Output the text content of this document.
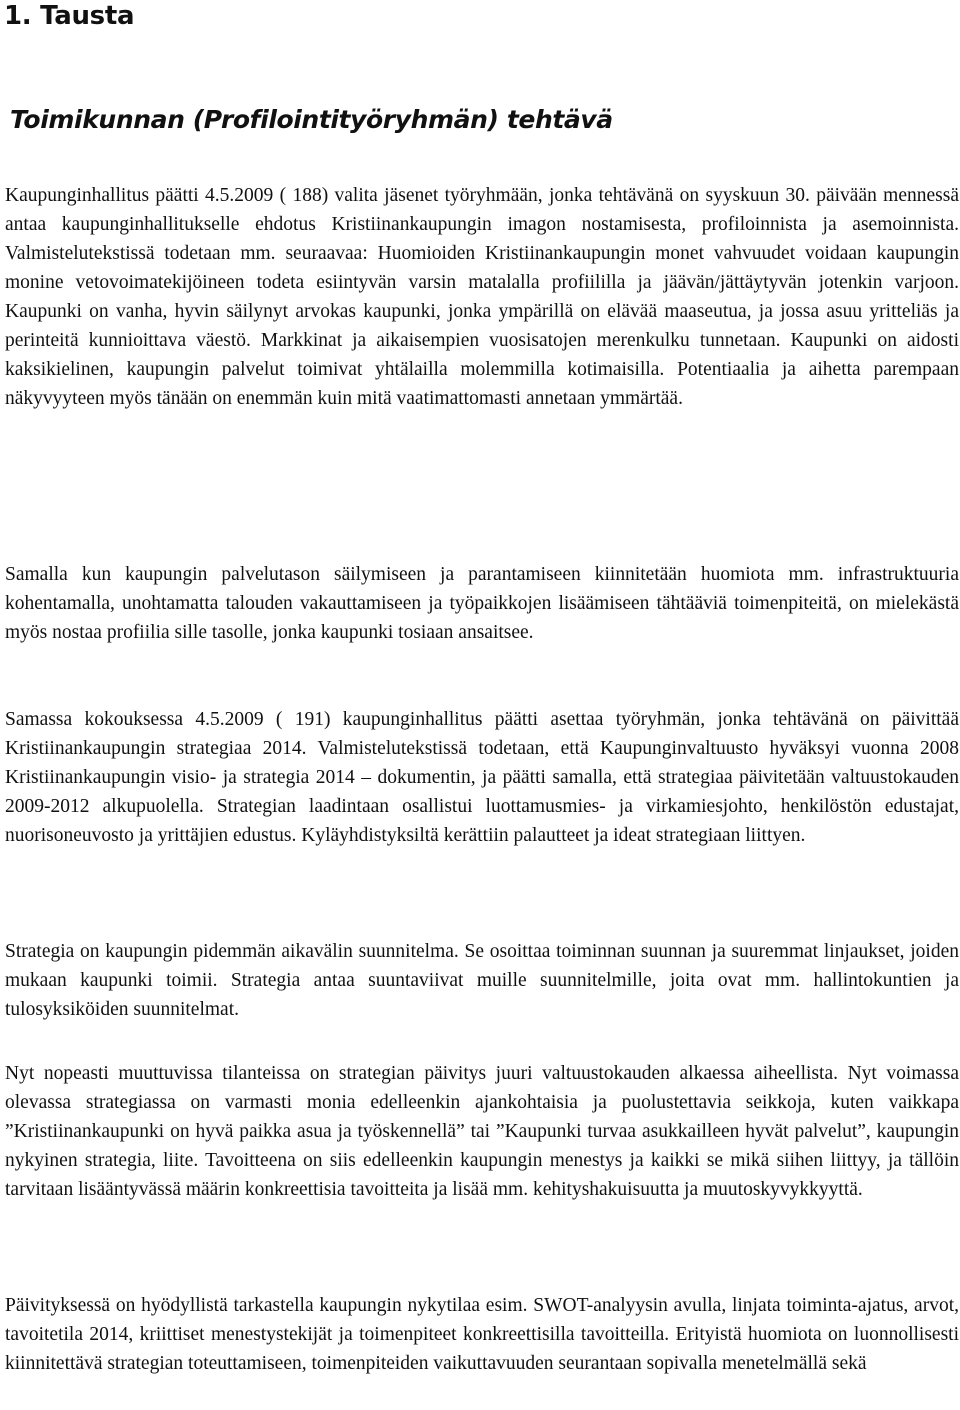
1. Tausta
Toimikunnan (Profilointityöryhmän) tehtävä

Kaupunginhallitus päätti 4.5.2009 ( 188) valita jäsenet työryhmään, jonka tehtävänä on syyskuun 30. päivään mennessä antaa kaupunginhallitukselle ehdotus Kristiinankaupungin imagon nostamisesta, profiloinnista ja asemoinnista. Valmistelutekstissä todetaan mm. seuraavaa: Huomioiden Kristiinankaupungin monet vahvuudet voidaan kaupungin monine vetovoimatekijöineen todeta esiintyvän varsin matalalla profiililla ja jäävän/jättäytyvän jotenkin varjoon. Kaupunki on vanha, hyvin säilynyt arvokas kaupunki, jonka ympärillä on elävää maaseutua, ja jossa asuu yritteliäs ja perinteitä kunnioittava väestö. Markkinat ja aikaisempien vuosisatojen merenkulku tunnetaan. Kaupunki on aidosti kaksikielinen, kaupungin palvelut toimivat yhtälailla molemmilla kotimaisilla. Potentiaalia ja aihetta parempaan näkyvyyteen myös tänään on enemmän kuin mitä vaatimattomasti annetaan ymmärtää.

Samalla kun kaupungin palvelutason säilymiseen ja parantamiseen kiinnitetään huomiota mm. infrastruktuuria kohentamalla, unohtamatta talouden vakauttamiseen ja työpaikkojen lisäämiseen tähtääviä toimenpiteitä, on mielekästä myös nostaa profiilia sille tasolle, jonka kaupunki tosiaan ansaitsee.

Samassa kokouksessa 4.5.2009 ( 191) kaupunginhallitus päätti asettaa työryhmän, jonka tehtävänä on päivittää Kristiinankaupungin strategiaa 2014. Valmistelutekstissä todetaan, että Kaupunginvaltuusto hyväksyi vuonna 2008 Kristiinankaupungin visio- ja strategia 2014 – dokumentin, ja päätti samalla, että strategiaa päivitetään valtuustokauden 2009-2012 alkupuolella. Strategian laadintaan osallistui luottamusmies- ja virkamiesjohto, henkilöstön edustajat, nuorisoneuvosto ja yrittäjien edustus. Kyläyhdistyksiltä kerättiin palautteet ja ideat strategiaan liittyen.

Strategia on kaupungin pidemmän aikavälin suunnitelma. Se osoittaa toiminnan suunnan ja suuremmat linjaukset, joiden mukaan kaupunki toimii. Strategia antaa suuntaviivat muille suunnitelmille, joita ovat mm. hallintokuntien ja tulosyksiköiden suunnitelmat.

Nyt nopeasti muuttuvissa tilanteissa on strategian päivitys juuri valtuustokauden alkaessa aiheellista. Nyt voimassa olevassa strategiassa on varmasti monia edelleenkin ajankohtaisia ja puolustettavia seikkoja, kuten vaikkapa ”Kristiinankaupunki on hyvä paikka asua ja työskennellä” tai ”Kaupunki turvaa asukkailleen hyvät palvelut”, kaupungin nykyinen strategia, liite. Tavoitteena on siis edelleenkin kaupungin menestys ja kaikki se mikä siihen liittyy, ja tällöin tarvitaan lisääntyvässä määrin konkreettisia tavoitteita ja lisää mm. kehityshakuisuutta ja muutoskyvykkyyttä.

Päivityksessä on hyödyllistä tarkastella kaupungin nykytilaa esim. SWOT-analyysin avulla, linjata toiminta-ajatus, arvot, tavoitetila 2014, kriittiset menestystekijät ja toimenpiteet konkreettisilla tavoitteilla. Erityistä huomiota on luonnollisesti kiinnitettävä strategian toteuttamiseen, toimenpiteiden vaikuttavuuden seurantaan sopivalla menetelmällä sekä
